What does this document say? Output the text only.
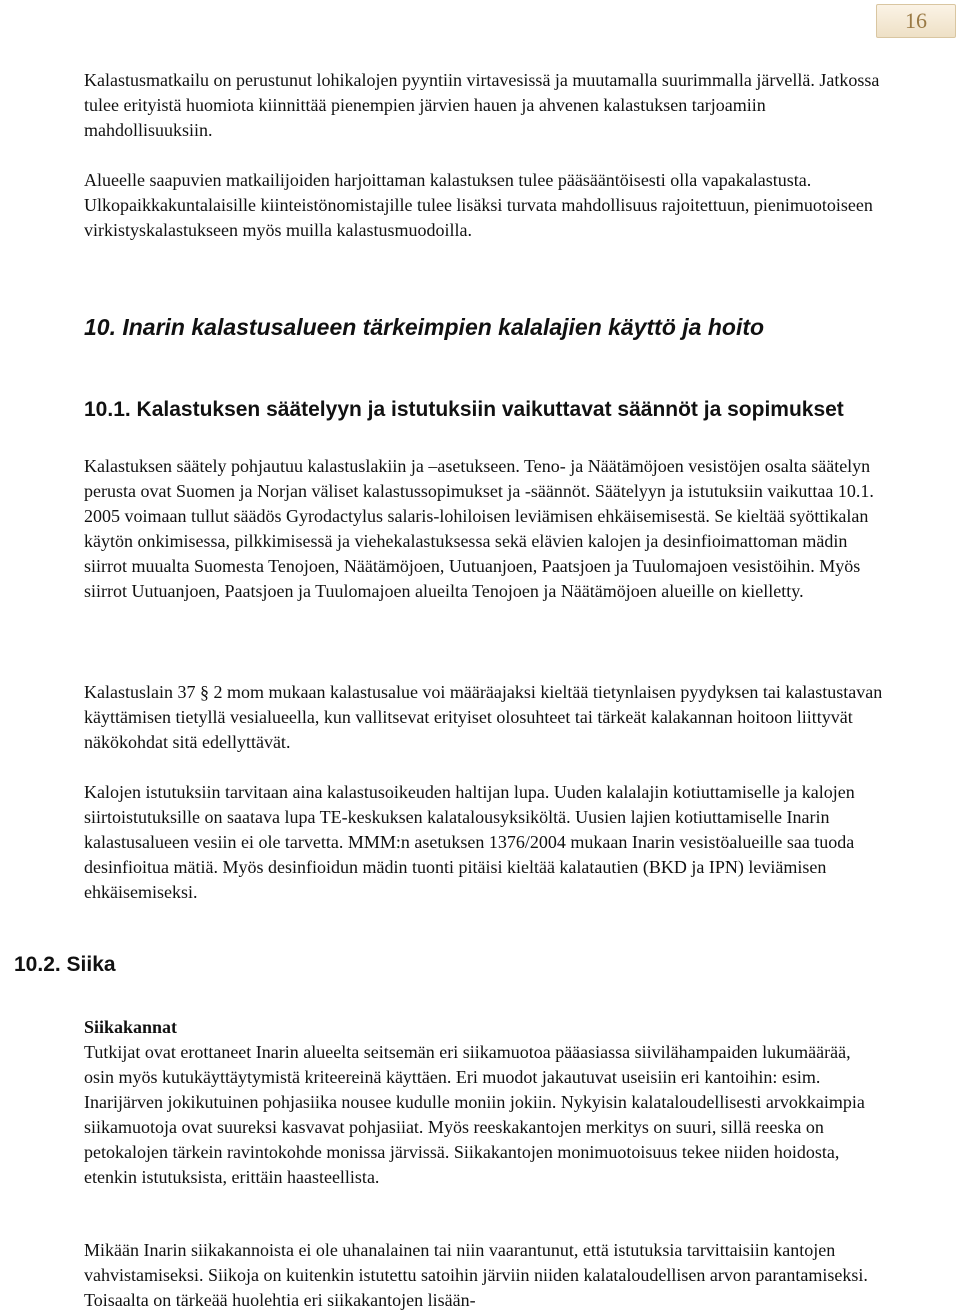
16

Kalastusmatkailu on perustunut lohikalojen pyyntiin virtavesissä ja muutamalla suurimmalla järvellä. Jatkossa tulee erityistä huomiota kiinnittää pienempien järvien hauen ja ahvenen kalastuksen tarjoamiin mahdollisuuksiin.

Alueelle saapuvien matkailijoiden harjoittaman kalastuksen tulee pääsääntöisesti olla vapakalastusta. Ulkopaikkakuntalaisille kiinteistönomistajille tulee lisäksi turvata mahdollisuus rajoitettuun, pienimuotoiseen virkistyskalastukseen myös muilla kalastusmuodoilla.

10. Inarin kalastusalueen tärkeimpien kalalajien käyttö ja hoito
10.1. Kalastuksen säätelyyn ja istutuksiin vaikuttavat säännöt ja sopimukset

Kalastuksen säätely pohjautuu kalastuslakiin ja –asetukseen. Teno- ja Näätämöjoen vesistöjen osalta säätelyn perusta ovat Suomen ja Norjan väliset kalastussopimukset ja -säännöt. Säätelyyn ja istutuksiin vaikuttaa 10.1. 2005 voimaan tullut säädös Gyrodactylus salaris-lohiloisen leviämisen ehkäisemisestä. Se kieltää syöttikalan käytön onkimisessa, pilkkimisessä ja viehekalastuksessa sekä elävien kalojen ja desinfioimattoman mädin siirrot muualta Suomesta Tenojoen, Näätämöjoen, Uutuanjoen, Paatsjoen ja Tuulomajoen vesistöihin. Myös siirrot Uutuanjoen, Paatsjoen ja Tuulomajoen alueilta Tenojoen ja Näätämöjoen alueille on kielletty.

Kalastuslain 37 § 2 mom mukaan kalastusalue voi määräajaksi kieltää tietynlaisen pyydyksen tai kalastustavan käyttämisen tietyllä vesialueella, kun vallitsevat erityiset olosuhteet tai tärkeät kalakannan hoitoon liittyvät näkökohdat sitä edellyttävät.

Kalojen istutuksiin tarvitaan aina kalastusoikeuden haltijan lupa. Uuden kalalajin kotiuttamiselle ja kalojen siirtoistutuksille on saatava lupa TE-keskuksen kalatalousyksiköltä. Uusien lajien kotiuttamiselle Inarin kalastusalueen vesiin ei ole tarvetta. MMM:n asetuksen 1376/2004 mukaan Inarin vesistöalueille saa tuoda desinfioitua mätiä. Myös desinfioidun mädin tuonti pitäisi kieltää kalatautien (BKD ja IPN) leviämisen ehkäisemiseksi.

10.2. Siika

Siikakannat

Tutkijat ovat erottaneet Inarin alueelta seitsemän eri siikamuotoa pääasiassa siivilähampaiden lukumäärää, osin myös kutukäyttäytymistä kriteereinä käyttäen. Eri muodot jakautuvat useisiin eri kantoihin: esim. Inarijärven jokikutuinen pohjasiika nousee kudulle moniin jokiin. Nykyisin kalataloudellisesti arvokkaimpia siikamuotoja ovat suureksi kasvavat pohjasiiat. Myös reeskakantojen merkitys on suuri, sillä reeska on petokalojen tärkein ravintokohde monissa järvissä. Siikakantojen monimuotoisuus tekee niiden hoidosta, etenkin istutuksista, erittäin haasteellista.

Mikään Inarin siikakannoista ei ole uhanalainen tai niin vaarantunut, että istutuksia tarvittaisiin kantojen vahvistamiseksi. Siikoja on kuitenkin istutettu satoihin järviin niiden kalataloudellisen arvon parantamiseksi. Toisaalta on tärkeää huolehtia eri siikakantojen lisään-
